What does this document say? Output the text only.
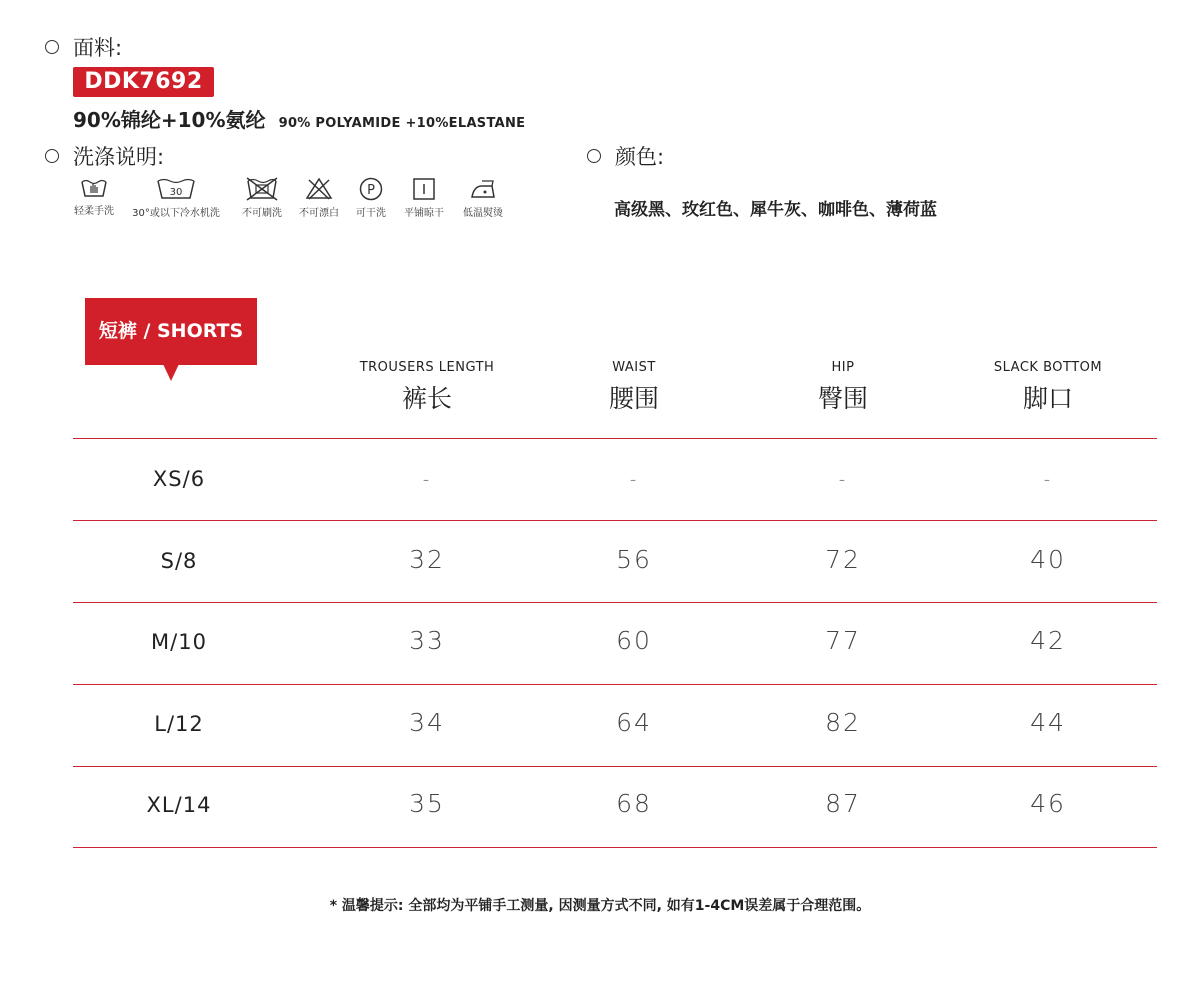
面料:
DDK7692
90%锦纶+10%氨纶 90% POLYAMIDE +10%ELASTANE
洗涤说明:
轻柔手洗
30
30°或以下冷水机洗	不可刷洗	不可漂白
P
可干洗	平铺晾干	低温熨烫
颜色:
高级黑、玫红色、犀牛灰、咖啡色、薄荷蓝
短裤 / SHORTS
TROUSERS LENGTH
裤长
WAIST
腰围
HIP
臀围
SLACK BOTTOM
脚口
XS/6	-	-	-	-
S/8	32	56	72	40
M/10	33	60	77	42
L/12	34	64	82	44
XL/14	35	68	87	46
* 温馨提示: 全部均为平铺手工测量, 因测量方式不同, 如有1-4CM误差属于合理范围。
